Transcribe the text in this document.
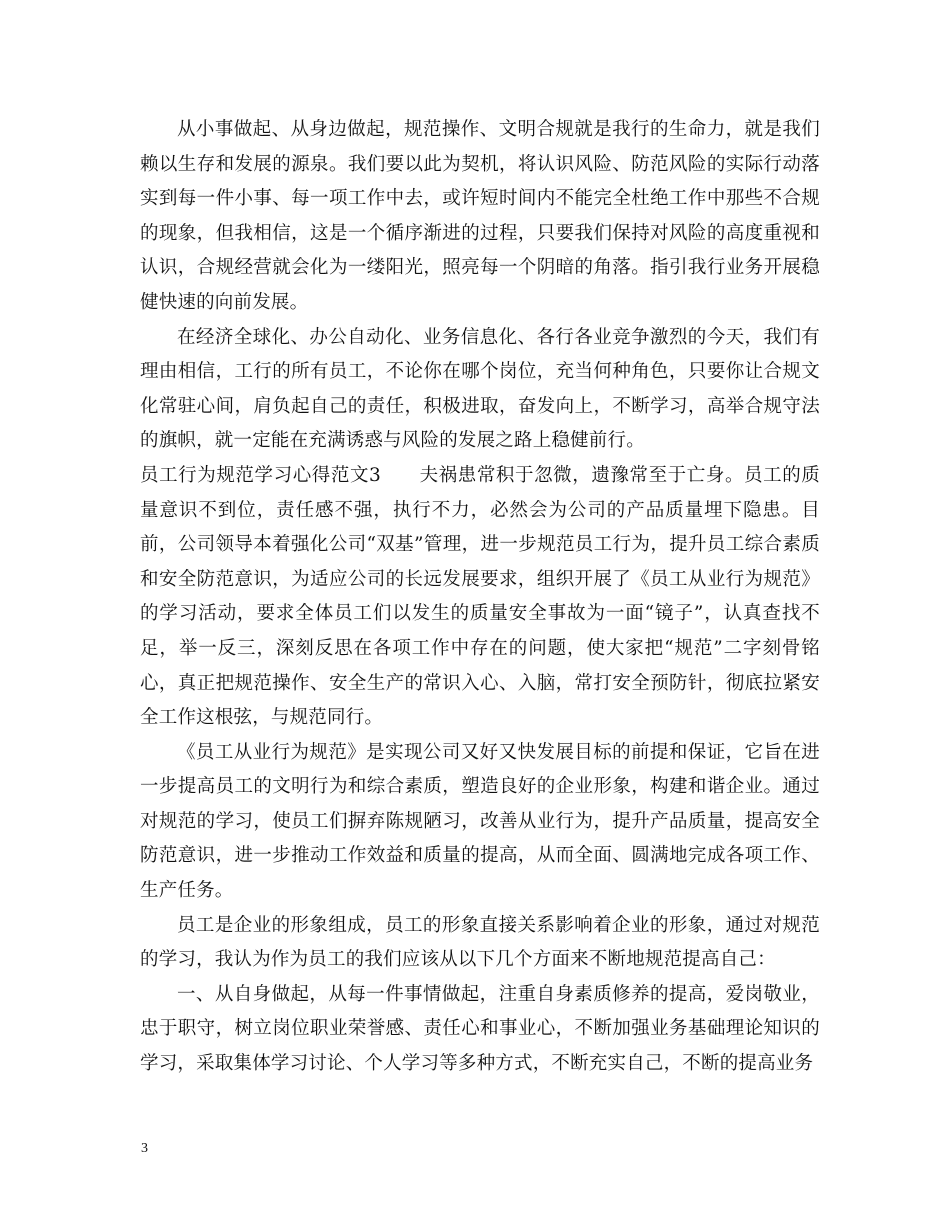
从小事做起、从身边做起，规范操作、文明合规就是我行的生命力，就是我们赖以生存和发展的源泉。我们要以此为契机，将认识风险、防范风险的实际行动落实到每一件小事、每一项工作中去，或许短时间内不能完全杜绝工作中那些不合规的现象，但我相信，这是一个循序渐进的过程，只要我们保持对风险的高度重视和认识，合规经营就会化为一缕阳光，照亮每一个阴暗的角落。指引我行业务开展稳健快速的向前发展。

在经济全球化、办公自动化、业务信息化、各行各业竞争激烈的今天，我们有理由相信，工行的所有员工，不论你在哪个岗位，充当何种角色，只要你让合规文化常驻心间，肩负起自己的责任，积极进取，奋发向上，不断学习，高举合规守法的旗帜，就一定能在充满诱惑与风险的发展之路上稳健前行。

员工行为规范学习心得范文3　　夫祸患常积于忽微，遗豫常至于亡身。员工的质量意识不到位，责任感不强，执行不力，必然会为公司的产品质量埋下隐患。目前，公司领导本着强化公司“双基”管理，进一步规范员工行为，提升员工综合素质和安全防范意识，为适应公司的长远发展要求，组织开展了《员工从业行为规范》的学习活动，要求全体员工们以发生的质量安全事故为一面“镜子”，认真查找不足，举一反三，深刻反思在各项工作中存在的问题，使大家把“规范”二字刻骨铭心，真正把规范操作、安全生产的常识入心、入脑，常打安全预防针，彻底拉紧安全工作这根弦，与规范同行。

《员工从业行为规范》是实现公司又好又快发展目标的前提和保证，它旨在进一步提高员工的文明行为和综合素质，塑造良好的企业形象，构建和谐企业。通过对规范的学习，使员工们摒弃陈规陋习，改善从业行为，提升产品质量，提高安全防范意识，进一步推动工作效益和质量的提高，从而全面、圆满地完成各项工作、生产任务。

员工是企业的形象组成，员工的形象直接关系影响着企业的形象，通过对规范的学习，我认为作为员工的我们应该从以下几个方面来不断地规范提高自己：

一、从自身做起，从每一件事情做起，注重自身素质修养的提高，爱岗敬业，忠于职守，树立岗位职业荣誉感、责任心和事业心，不断加强业务基础理论知识的学习，采取集体学习讨论、个人学习等多种方式，不断充实自己，不断的提高业务

3
